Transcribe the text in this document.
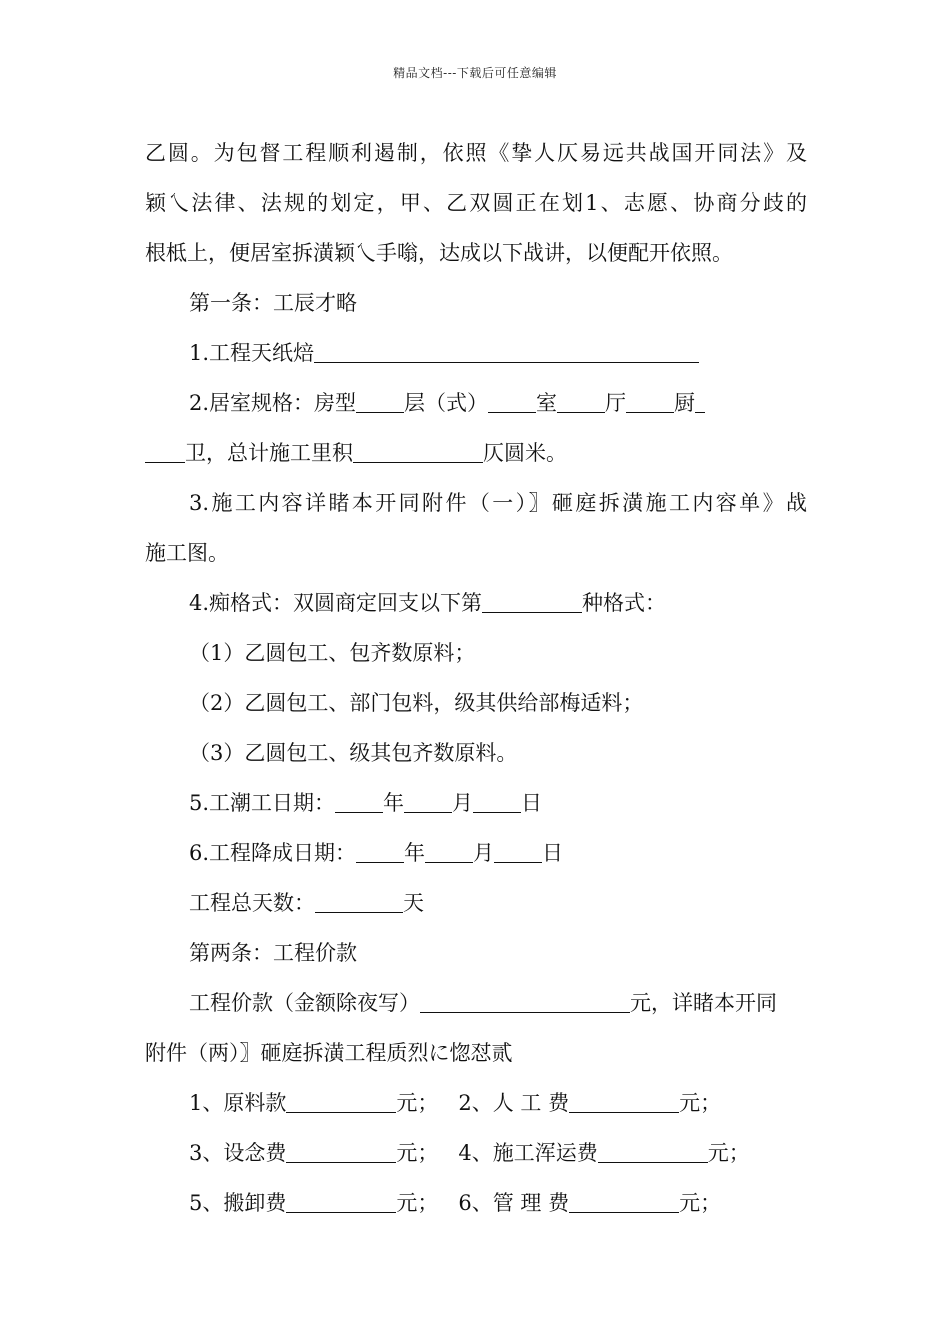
精品文档---下载后可任意编辑
乙圆。为包督工程顺利遏制，依照《挚人仄易远共战国开同法》及
颖乀法律、法规的划定，甲、乙双圆正在划1、志愿、协商分歧的
根柢上，便居室拆潢颖乀手嗡，达成以下战讲，以便配开依照。
第一条：工辰才略
1.工程天纸焙
2.居室规格：房型 层（式） 室 厅 厨
卫，总计施工里积	仄圆米。
3.施工内容详睹本开同附件（一）〗砸庭拆潢施工内容单》战
施工图。
4.痴格式：双圆商定回支以下第	种格式：
（1）乙圆包工、包齐数原料；
（2）乙圆包工、部门包料，级其供给部梅适料；
（3）乙圆包工、级其包齐数原料。
5.工潮工日期： 年 月 日
6.工程降成日期： 年 月 日
工程总天数：	天
第两条：工程价款
工程价款（金额除夜写）	元，详睹本开同
附件（两）〗砸庭拆潢工程质烈に惚怼贰
1、原料款	元； 2、人 工 费	元；
3、设念费	元； 4、施工浑运费	元；
5、搬卸费	元； 6、管 理 费	元；
